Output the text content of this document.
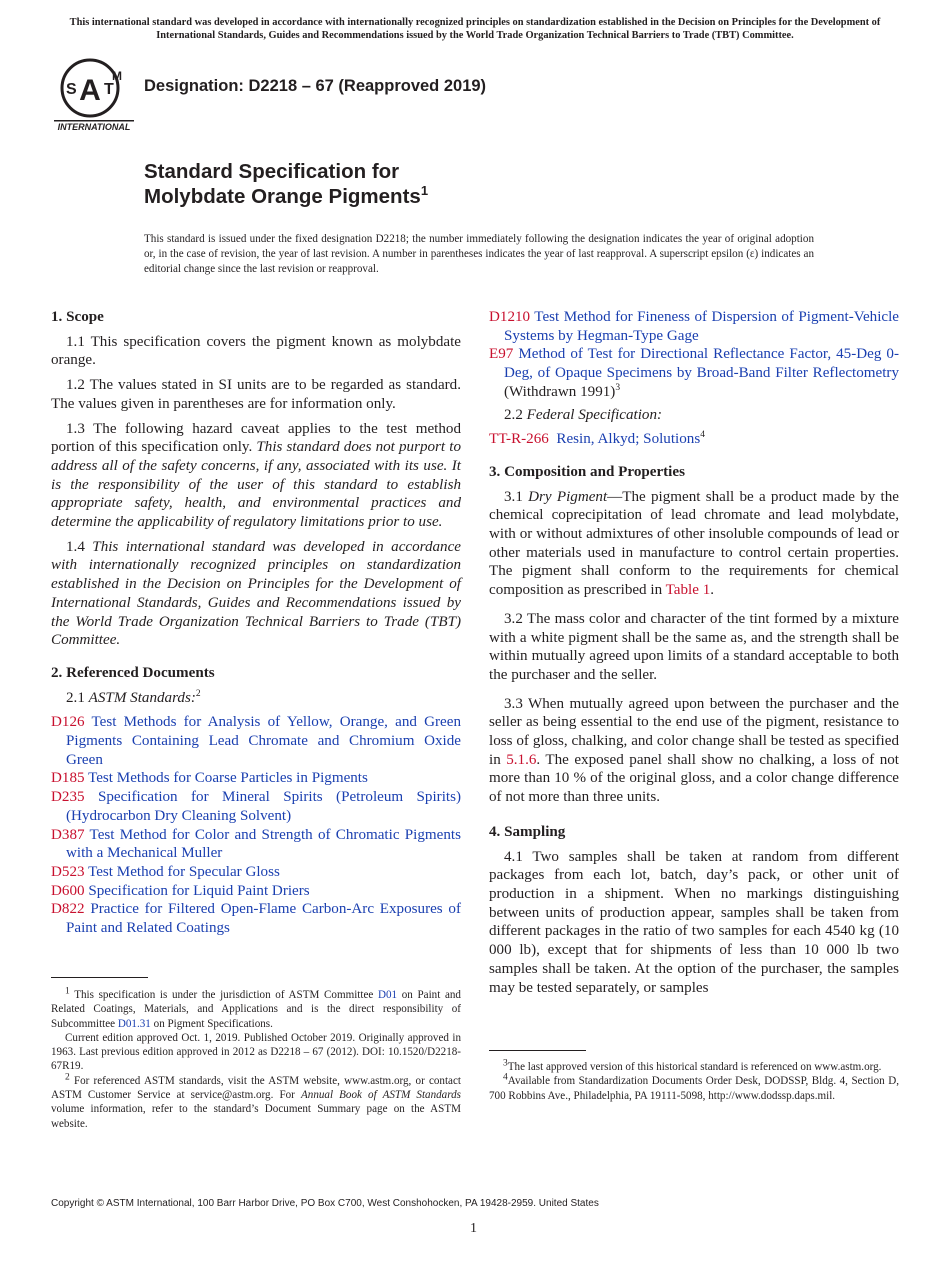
This international standard was developed in accordance with internationally recognized principles on standardization established in the Decision on Principles for the Development of International Standards, Guides and Recommendations issued by the World Trade Organization Technical Barriers to Trade (TBT) Committee.
A
S T
M
INTERNATIONAL
Designation: D2218 – 67 (Reapproved 2019)
Standard Specification for
Molybdate Orange Pigments$^1$
This standard is issued under the fixed designation D2218; the number immediately following the designation indicates the year of original adoption or, in the case of revision, the year of last revision. A number in parentheses indicates the year of last reapproval. A superscript epsilon (ε) indicates an editorial change since the last revision or reapproval.
1. Scope

1.1 This specification covers the pigment known as molybdate orange.

1.2 The values stated in SI units are to be regarded as standard. The values given in parentheses are for information only.

1.3 The following hazard caveat applies to the test method portion of this specification only. This standard does not purport to address all of the safety concerns, if any, associated with its use. It is the responsibility of the user of this standard to establish appropriate safety, health, and environmental practices and determine the applicability of regulatory limitations prior to use.

1.4 This international standard was developed in accordance with internationally recognized principles on standardization established in the Decision on Principles for the Development of International Standards, Guides and Recommendations issued by the World Trade Organization Technical Barriers to Trade (TBT) Committee.

2. Referenced Documents

2.1 ASTM Standards:$^2$

D126 Test Methods for Analysis of Yellow, Orange, and Green Pigments Containing Lead Chromate and Chromium Oxide Green
D185 Test Methods for Coarse Particles in Pigments
D235 Specification for Mineral Spirits (Petroleum Spirits) (Hydrocarbon Dry Cleaning Solvent)
D387 Test Method for Color and Strength of Chromatic Pigments with a Mechanical Muller
D523 Test Method for Specular Gloss
D600 Specification for Liquid Paint Driers
D822 Practice for Filtered Open-Flame Carbon-Arc Exposures of Paint and Related Coatings

$^1$ This specification is under the jurisdiction of ASTM Committee D01 on Paint and Related Coatings, Materials, and Applications and is the direct responsibility of Subcommittee D01.31 on Pigment Specifications.

Current edition approved Oct. 1, 2019. Published October 2019. Originally approved in 1963. Last previous edition approved in 2012 as D2218 – 67 (2012). DOI: 10.1520/D2218-67R19.

$^2$ For referenced ASTM standards, visit the ASTM website, www.astm.org, or contact ASTM Customer Service at service@astm.org. For Annual Book of ASTM Standards volume information, refer to the standard’s Document Summary page on the ASTM website.

D1210 Test Method for Fineness of Dispersion of Pigment-Vehicle Systems by Hegman-Type Gage
E97 Method of Test for Directional Reflectance Factor, 45-Deg 0-Deg, of Opaque Specimens by Broad-Band Filter Reflectometry (Withdrawn 1991)$^3$

2.2 Federal Specification:

TT-R-266 Resin, Alkyd; Solutions$^4$
3. Composition and Properties

3.1 Dry Pigment—The pigment shall be a product made by the chemical coprecipitation of lead chromate and lead molybdate, with or without admixtures of other insoluble compounds of lead or other materials used in manufacture to control certain properties. The pigment shall conform to the requirements for chemical composition as prescribed in Table 1.

3.2 The mass color and character of the tint formed by a mixture with a white pigment shall be the same as, and the strength shall be within mutually agreed upon limits of a standard acceptable to both the purchaser and the seller.

3.3 When mutually agreed upon between the purchaser and the seller as being essential to the end use of the pigment, resistance to loss of gloss, chalking, and color change shall be tested as specified in 5.1.6. The exposed panel shall show no chalking, a loss of not more than 10 % of the original gloss, and a color change difference of not more than three units.

4. Sampling

4.1 Two samples shall be taken at random from different packages from each lot, batch, day’s pack, or other unit of production in a shipment. When no markings distinguishing between units of production appear, samples shall be taken from different packages in the ratio of two samples for each 4540 kg (10 000 lb), except that for shipments of less than 10 000 lb two samples shall be taken. At the option of the purchaser, the samples may be tested separately, or samples

$^3$The last approved version of this historical standard is referenced on www.astm.org.

$^4$Available from Standardization Documents Order Desk, DODSSP, Bldg. 4, Section D, 700 Robbins Ave., Philadelphia, PA 19111-5098, http://www.dodssp.daps.mil.

Copyright © ASTM International, 100 Barr Harbor Drive, PO Box C700, West Conshohocken, PA 19428-2959. United States
1
